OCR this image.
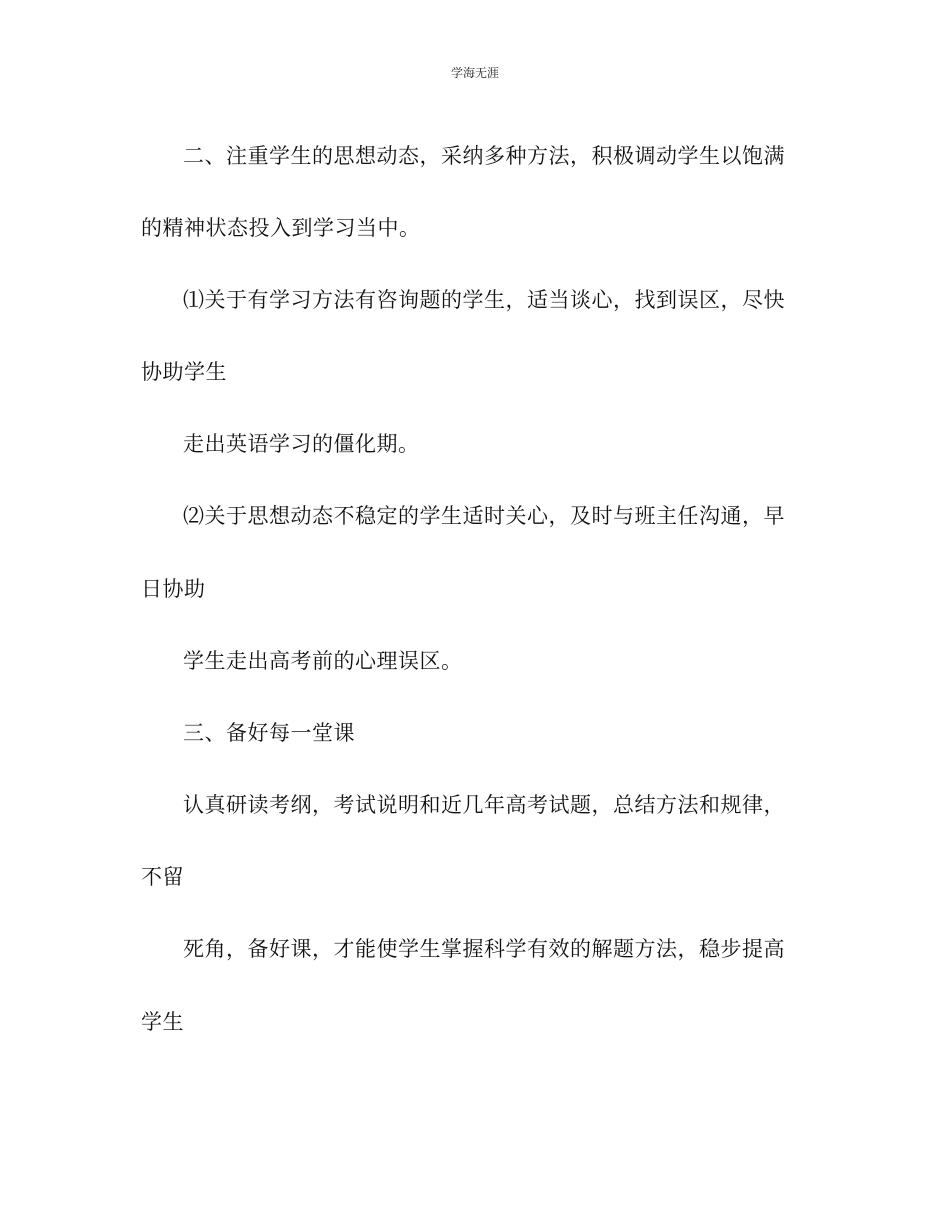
学海无涯
二、注重学生的思想动态，采纳多种方法，积极调动学生以饱满
的精神状态投入到学习当中。
⑴关于有学习方法有咨询题的学生，适当谈心，找到误区，尽快
协助学生
走出英语学习的僵化期。
⑵关于思想动态不稳定的学生适时关心，及时与班主任沟通，早
日协助
学生走出高考前的心理误区。
三、备好每一堂课
认真研读考纲，考试说明和近几年高考试题，总结方法和规律，
不留
死角，备好课，才能使学生掌握科学有效的解题方法，稳步提高
学生
